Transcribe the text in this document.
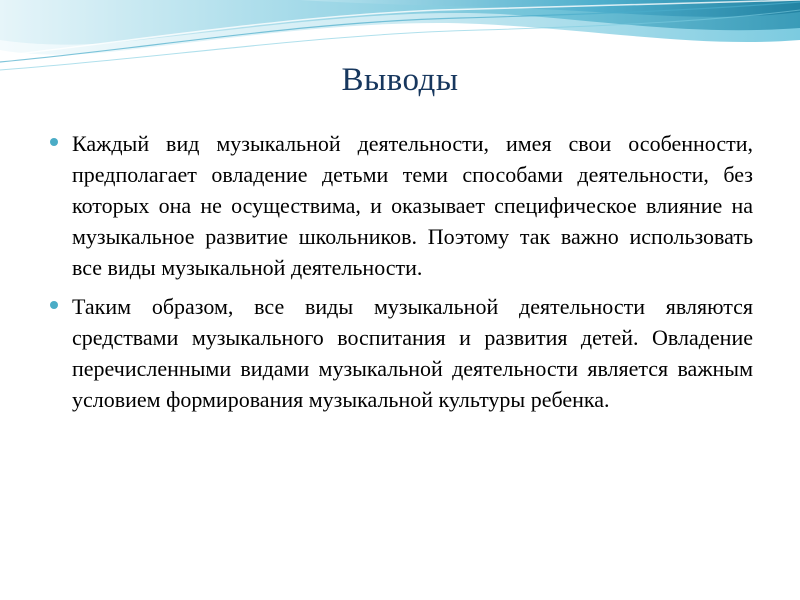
Выводы

Каждый вид музыкальной деятельности, имея свои особенности, предполагает овладение детьми теми способами деятельности, без которых она не осуществима, и оказывает специфическое влияние на музыкальное развитие школьников. Поэтому так важно использовать все виды музыкальной деятельности.

Таким образом, все виды музыкальной деятельности являются средствами музыкального воспитания и развития детей. Овладение перечисленными видами музыкальной деятельности является важным условием формирования музыкальной культуры ребенка.
